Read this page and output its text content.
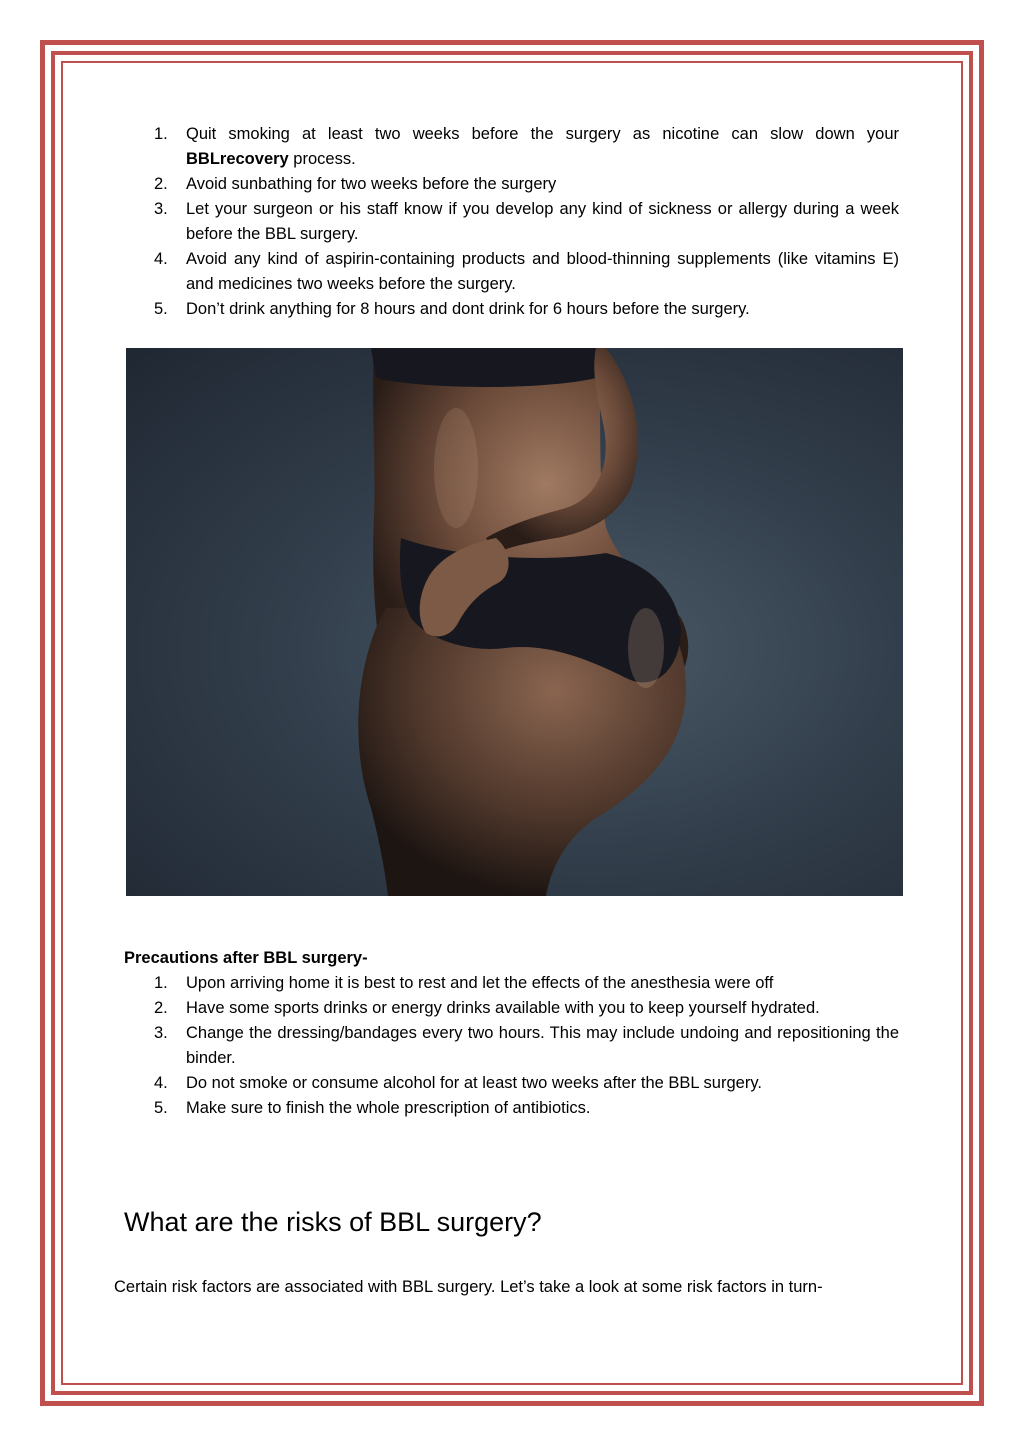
1. Quit smoking at least two weeks before the surgery as nicotine can slow down your BBLrecovery process.
2. Avoid sunbathing for two weeks before the surgery
3. Let your surgeon or his staff know if you develop any kind of sickness or allergy during a week before the BBL surgery.
4. Avoid any kind of aspirin-containing products and blood-thinning supplements (like vitamins E) and medicines two weeks before the surgery.
5. Don’t drink anything for 8 hours and dont drink for 6 hours before the surgery.
Precautions after BBL surgery-
1. Upon arriving home it is best to rest and let the effects of the anesthesia were off
2. Have some sports drinks or energy drinks available with you to keep yourself hydrated.
3. Change the dressing/bandages every two hours. This may include undoing and repositioning the binder.
4. Do not smoke or consume alcohol for at least two weeks after the BBL surgery.
5. Make sure to finish the whole prescription of antibiotics.
What are the risks of BBL surgery?

Certain risk factors are associated with BBL surgery. Let’s take a look at some risk factors in turn-
